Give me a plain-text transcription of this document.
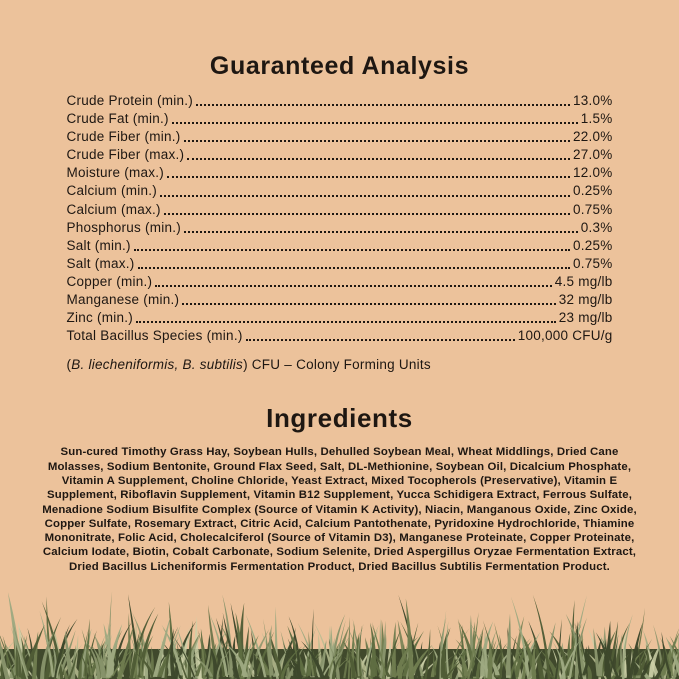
Guaranteed Analysis
Crude Protein (min.)	13.0%
Crude Fat (min.)	1.5%
Crude Fiber (min.)	22.0%
Crude Fiber (max.)	27.0%
Moisture (max.)	12.0%
Calcium (min.)	0.25%
Calcium (max.)	0.75%
Phosphorus (min.)	0.3%
Salt (min.)	0.25%
Salt (max.)	0.75%
Copper (min.)	4.5 mg/lb
Manganese (min.)	32 mg/lb
Zinc (min.)	23 mg/lb
Total Bacillus Species (min.)	100,000 CFU/g

(B. liecheniformis, B. subtilis) CFU – Colony Forming Units

Ingredients

Sun-cured Timothy Grass Hay, Soybean Hulls, Dehulled Soybean Meal, Wheat Middlings, Dried Cane Molasses, Sodium Bentonite, Ground Flax Seed, Salt, DL-Methionine, Soybean Oil, Dicalcium Phosphate, Vitamin A Supplement, Choline Chloride, Yeast Extract, Mixed Tocopherols (Preservative), Vitamin E Supplement, Riboflavin Supplement, Vitamin B12 Supplement, Yucca Schidigera Extract, Ferrous Sulfate, Menadione Sodium Bisulfite Complex (Source of Vitamin K Activity), Niacin, Manganous Oxide, Zinc Oxide, Copper Sulfate, Rosemary Extract, Citric Acid, Calcium Pantothenate, Pyridoxine Hydrochloride, Thiamine Mononitrate, Folic Acid, Cholecalciferol (Source of Vitamin D3), Manganese Proteinate, Copper Proteinate, Calcium Iodate, Biotin, Cobalt Carbonate, Sodium Selenite, Dried Aspergillus Oryzae Fermentation Extract, Dried Bacillus Licheniformis Fermentation Product, Dried Bacillus Subtilis Fermentation Product.
